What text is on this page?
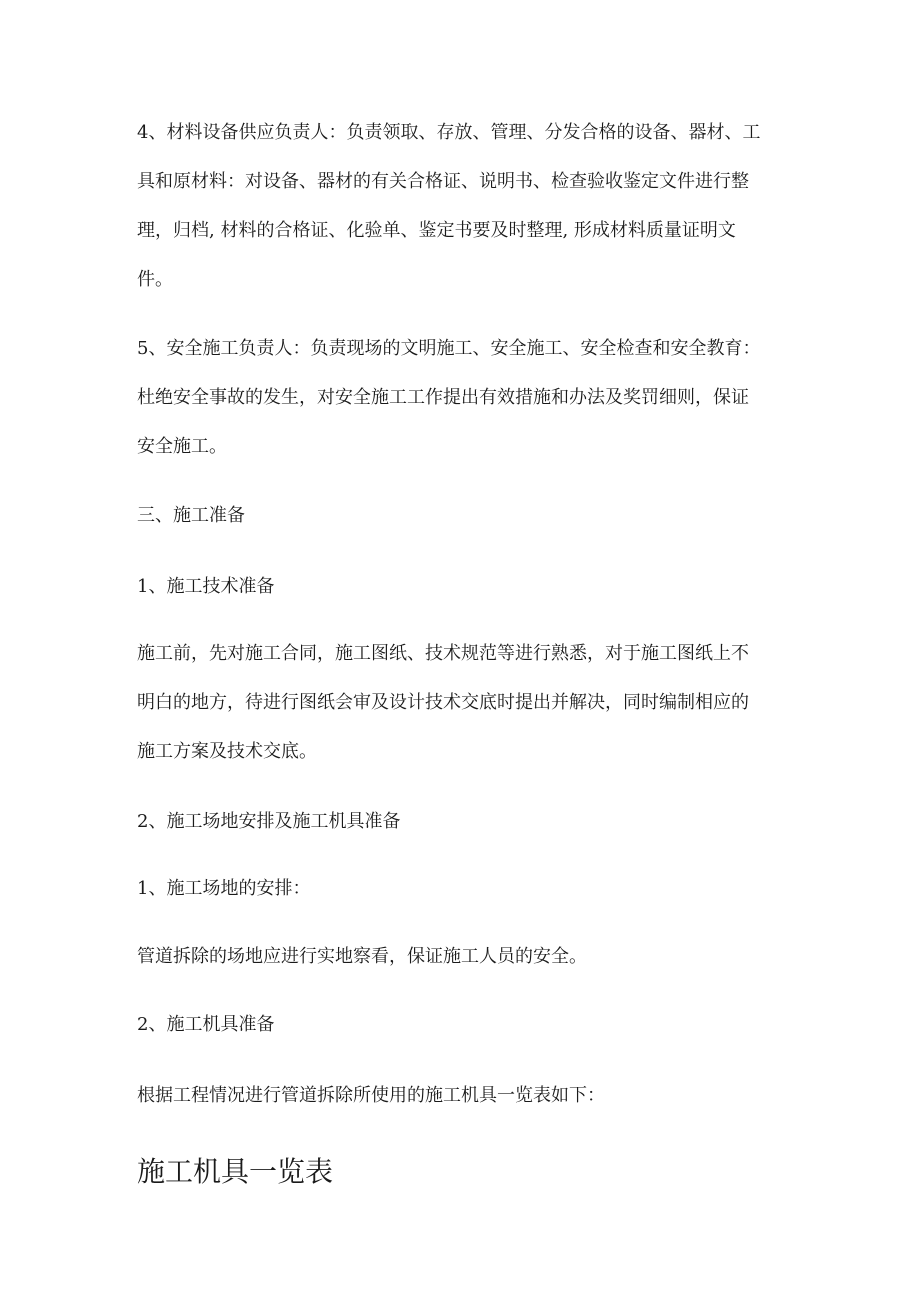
4、材料设备供应负责人：负责领取、存放、管理、分发合格的设备、器材、工
具和原材料：对设备、器材的有关合格证、说明书、检查验收鉴定文件进行整
理，归档, 材料的合格证、化验单、鉴定书要及时整理, 形成材料质量证明文
件。

5、安全施工负责人：负责现场的文明施工、安全施工、安全检查和安全教育：
杜绝安全事故的发生，对安全施工工作提出有效措施和办法及奖罚细则，保证
安全施工。

三、施工准备

1、施工技术准备

施工前，先对施工合同，施工图纸、技术规范等进行熟悉，对于施工图纸上不
明白的地方，待进行图纸会审及设计技术交底时提出并解决，同时编制相应的
施工方案及技术交底。

2、施工场地安排及施工机具准备

1、施工场地的安排：

管道拆除的场地应进行实地察看，保证施工人员的安全。

2、施工机具准备

根据工程情况进行管道拆除所使用的施工机具一览表如下：

施工机具一览表
